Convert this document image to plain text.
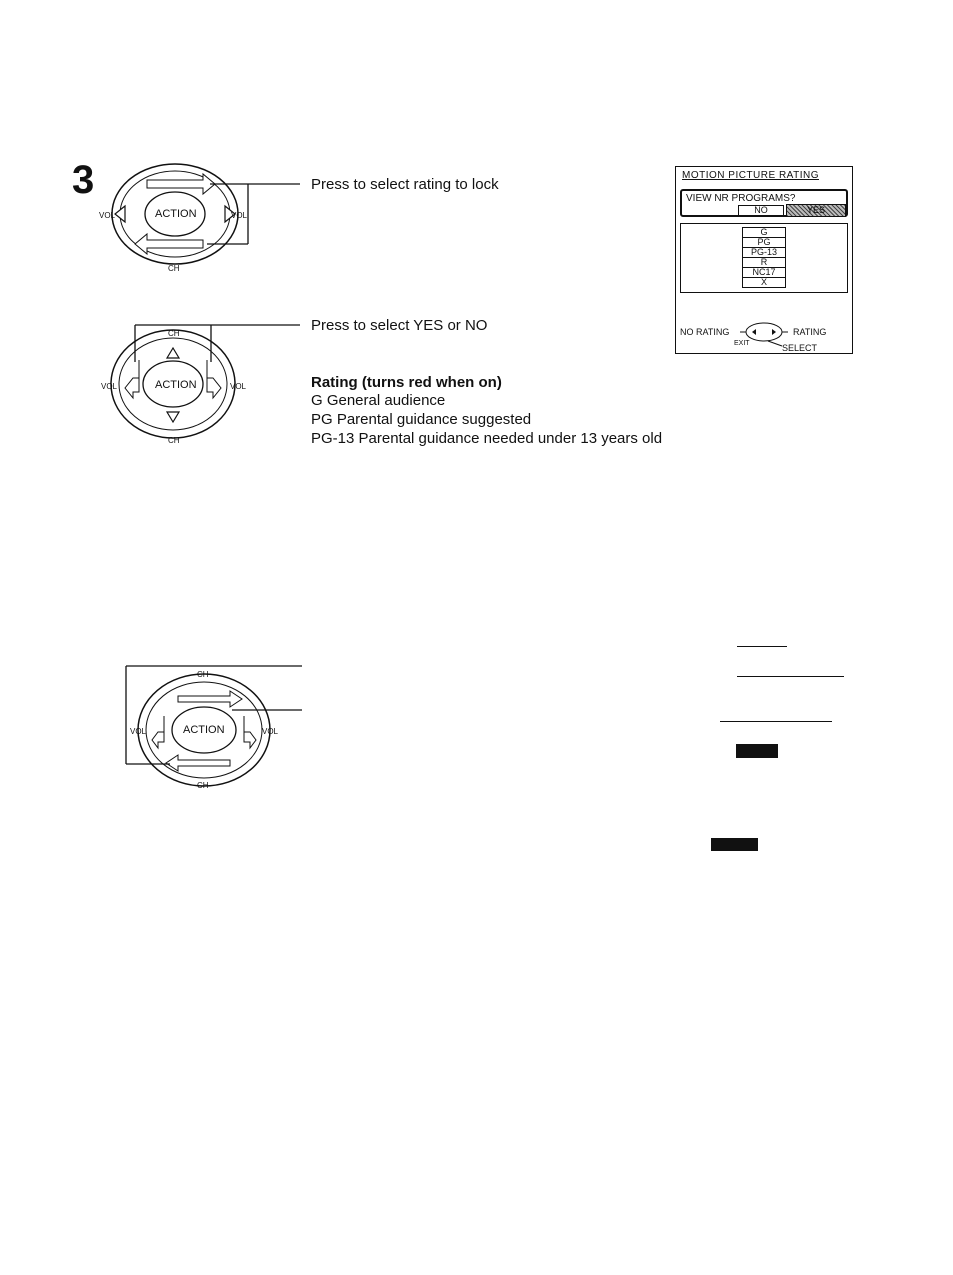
3
ACTION
VOL	VOL
CH
Press to select rating to lock
CH
ACTION
VOL	VOL
CH
Press to select YES or NO
Rating (turns red when on)
G General audience
PG Parental guidance suggested
PG-13 Parental guidance needed under 13 years old
MOTION PICTURE RATING
VIEW NR PROGRAMS?
NO	YES
G
PG
PG-13
R
NC17
X
NO RATING	RATING
EXIT	SELECT
CH
ACTION
VOL	VOL
CH
